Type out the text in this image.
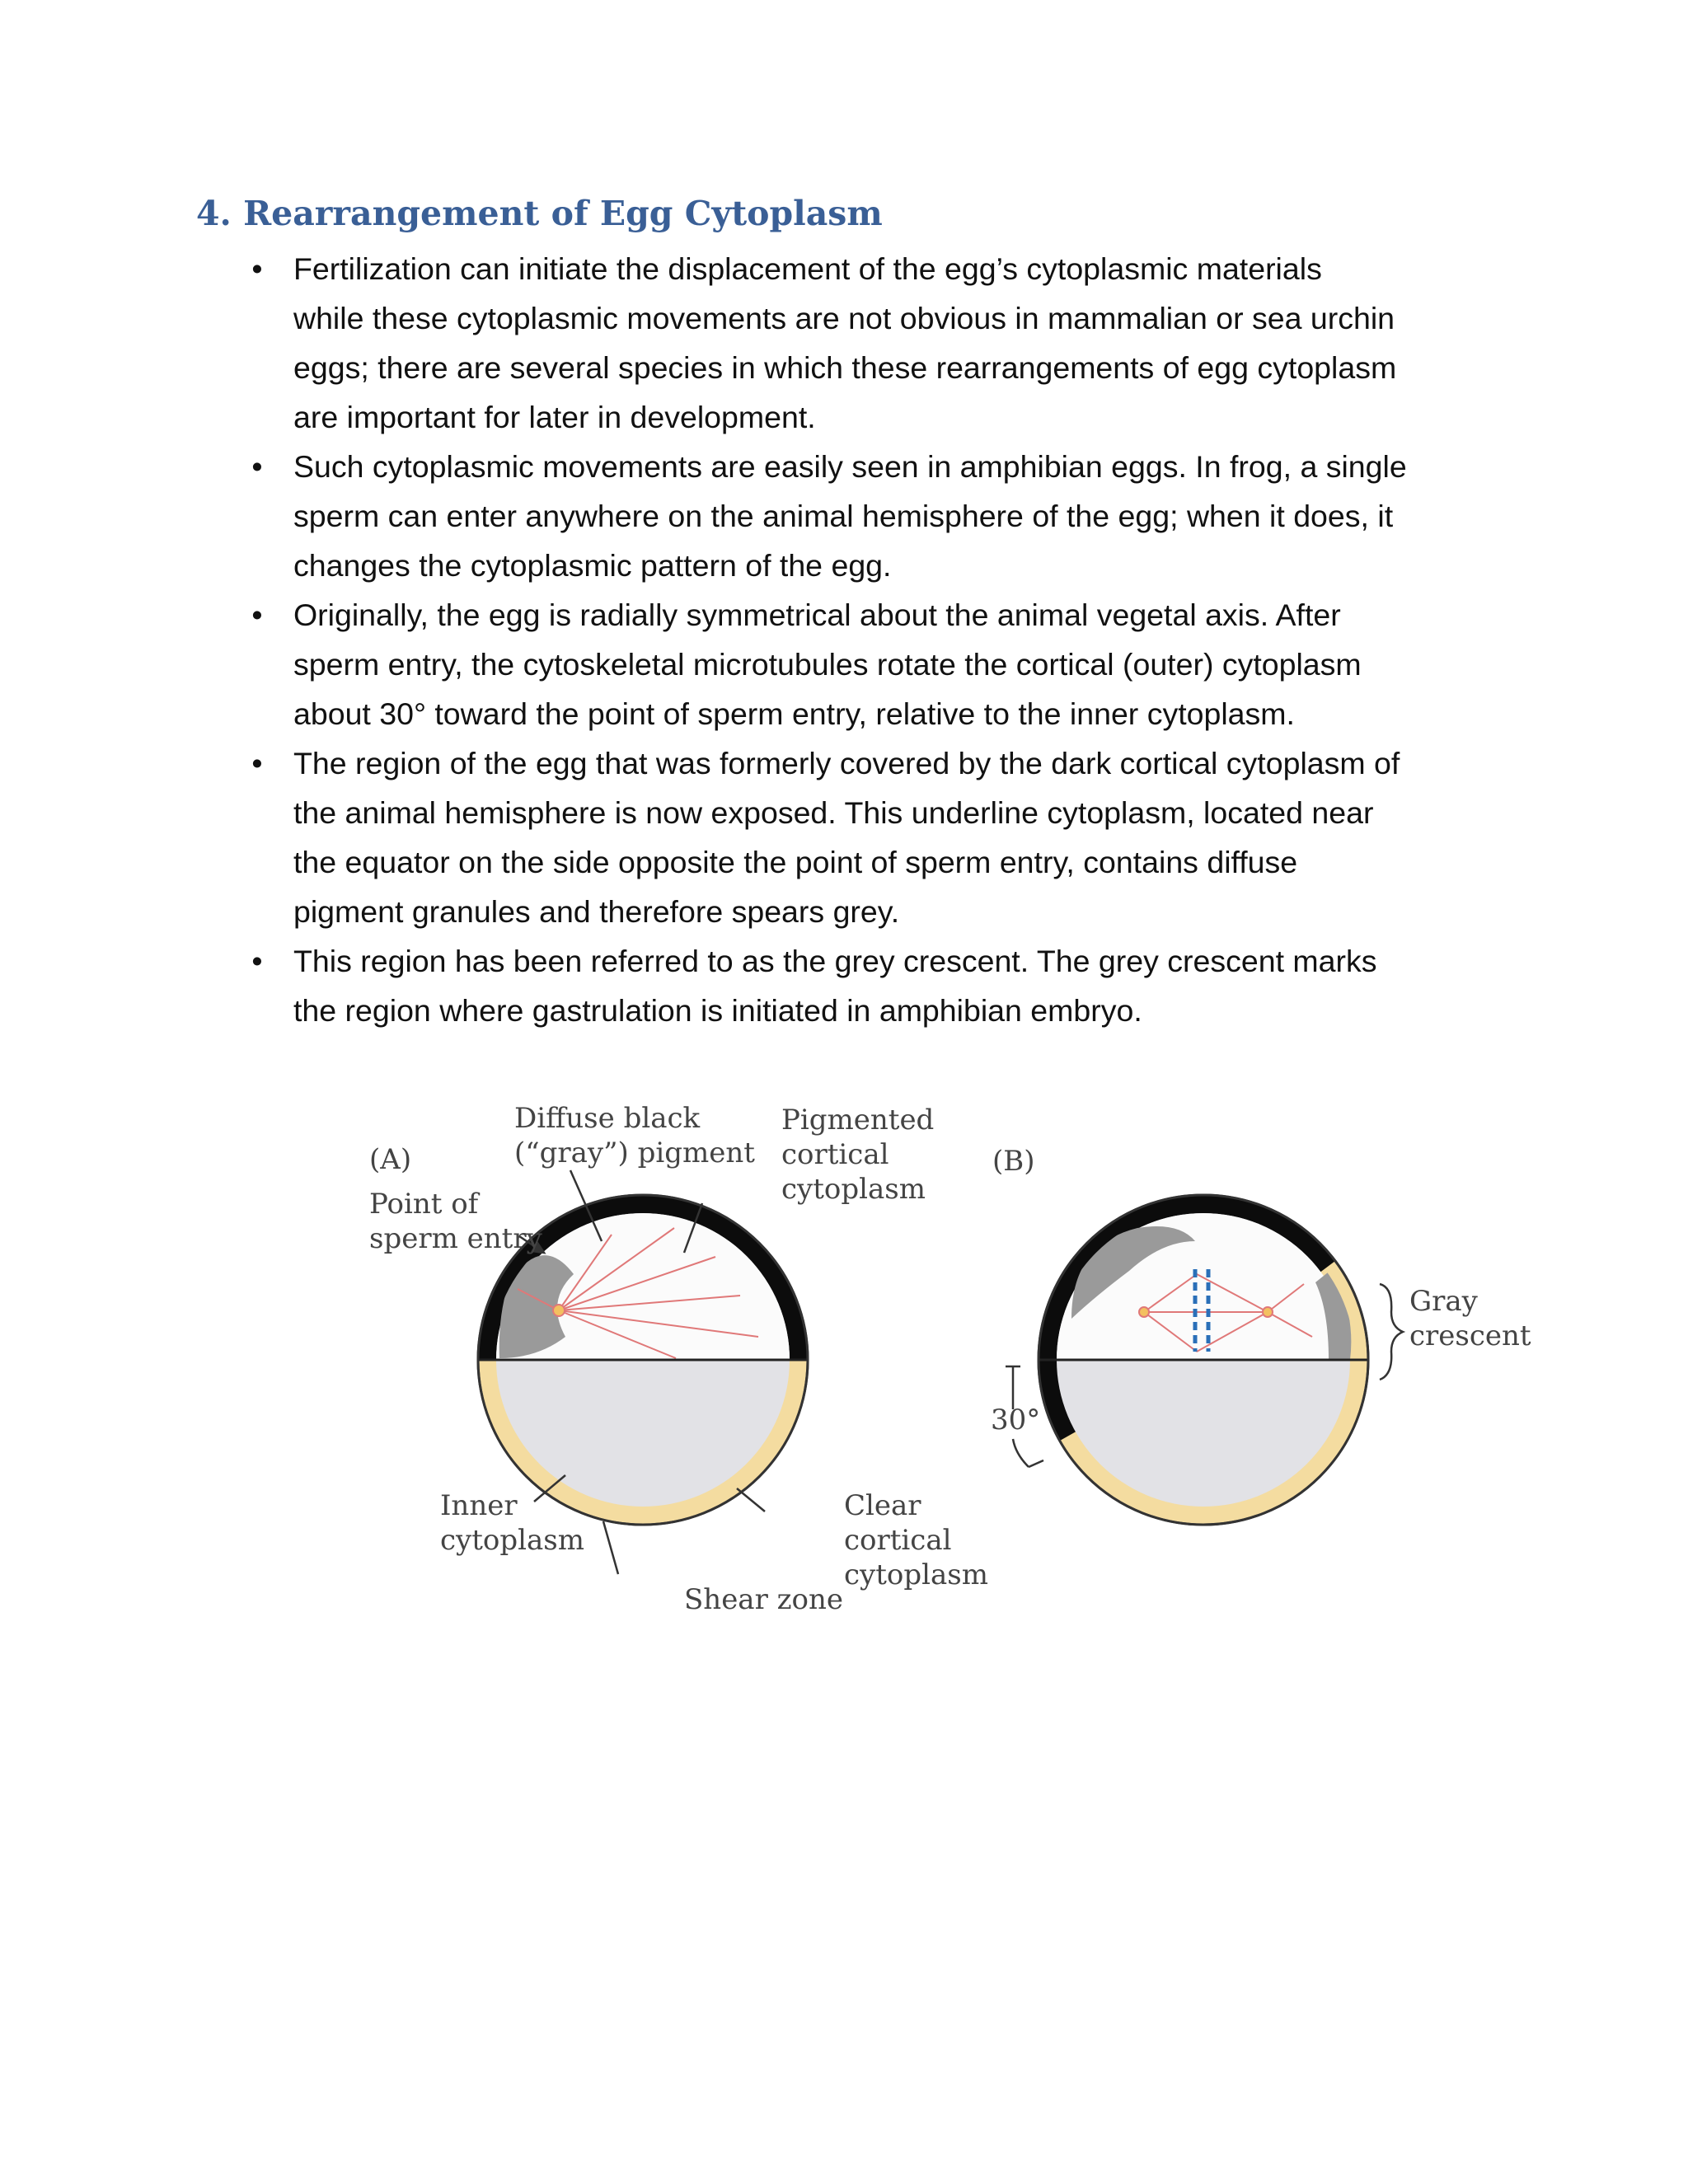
4. Rearrangement of Egg Cytoplasm
• Fertilization can initiate the displacement of the egg’s cytoplasmic materials
while these cytoplasmic movements are not obvious in mammalian or sea urchin
eggs; there are several species in which these rearrangements of egg cytoplasm
are important for later in development.
• Such cytoplasmic movements are easily seen in amphibian eggs. In frog, a single
sperm can enter anywhere on the animal hemisphere of the egg; when it does, it
changes the cytoplasmic pattern of the egg.
• Originally, the egg is radially symmetrical about the animal vegetal axis. After
sperm entry, the cytoskeletal microtubules rotate the cortical (outer) cytoplasm
about 30° toward the point of sperm entry, relative to the inner cytoplasm.
• The region of the egg that was formerly covered by the dark cortical cytoplasm of
the animal hemisphere is now exposed. This underline cytoplasm, located near
the equator on the side opposite the point of sperm entry, contains diffuse
pigment granules and therefore spears grey.
• This region has been referred to as the grey crescent. The grey crescent marks
the region where gastrulation is initiated in amphibian embryo.
(A)
Point of sperm entry
Diffuse black (“gray”) pigment
Pigmented cortical cytoplasm
Inner cytoplasm
Clear cortical cytoplasm
Shear zone
(B)
30°
Gray crescent
